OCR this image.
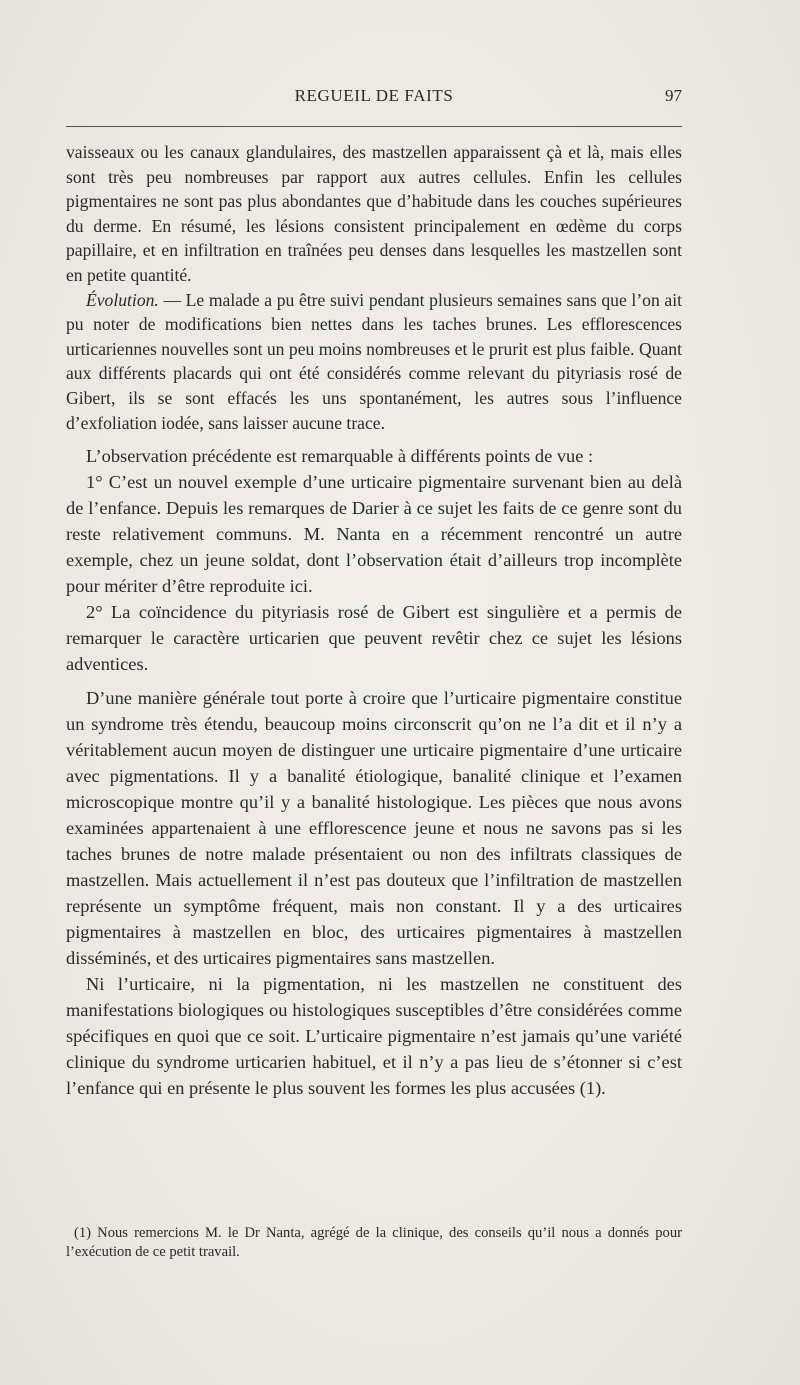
REGUEIL DE FAITS	97

vaisseaux ou les canaux glandulaires, des mastzellen apparaissent çà et là, mais elles sont très peu nombreuses par rapport aux autres cellules. Enfin les cellules pigmentaires ne sont pas plus abondantes que d’habitude dans les couches supérieures du derme. En résumé, les lésions consistent principalement en œdème du corps papillaire, et en infiltration en traînées peu denses dans lesquelles les mastzellen sont en petite quantité.

Évolution. — Le malade a pu être suivi pendant plusieurs semaines sans que l’on ait pu noter de modifications bien nettes dans les taches brunes. Les efflorescences urticariennes nouvelles sont un peu moins nombreuses et le prurit est plus faible. Quant aux différents placards qui ont été considérés comme relevant du pityriasis rosé de Gibert, ils se sont effacés les uns spontanément, les autres sous l’influence d’exfoliation iodée, sans laisser aucune trace.

L’observation précédente est remarquable à différents points de vue :

1° C’est un nouvel exemple d’une urticaire pigmentaire survenant bien au delà de l’enfance. Depuis les remarques de Darier à ce sujet les faits de ce genre sont du reste relativement communs. M. Nanta en a récemment rencontré un autre exemple, chez un jeune soldat, dont l’observation était d’ailleurs trop incomplète pour mériter d’être reproduite ici.

2° La coïncidence du pityriasis rosé de Gibert est singulière et a permis de remarquer le caractère urticarien que peuvent revêtir chez ce sujet les lésions adventices.

D’une manière générale tout porte à croire que l’urticaire pigmentaire constitue un syndrome très étendu, beaucoup moins circonscrit qu’on ne l’a dit et il n’y a véritablement aucun moyen de distinguer une urticaire pigmentaire d’une urticaire avec pigmentations. Il y a banalité étiologique, banalité clinique et l’examen microscopique montre qu’il y a banalité histologique. Les pièces que nous avons examinées appartenaient à une efflorescence jeune et nous ne savons pas si les taches brunes de notre malade présentaient ou non des infiltrats classiques de mastzellen. Mais actuellement il n’est pas douteux que l’infiltration de mastzellen représente un symptôme fréquent, mais non constant. Il y a des urticaires pigmentaires à mastzellen en bloc, des urticaires pigmentaires à mastzellen disséminés, et des urticaires pigmentaires sans mastzellen.

Ni l’urticaire, ni la pigmentation, ni les mastzellen ne constituent des manifestations biologiques ou histologiques susceptibles d’être considérées comme spécifiques en quoi que ce soit. L’urticaire pigmentaire n’est jamais qu’une variété clinique du syndrome urticarien habituel, et il n’y a pas lieu de s’étonner si c’est l’enfance qui en présente le plus souvent les formes les plus accusées (1).

(1) Nous remercions M. le Dr Nanta, agrégé de la clinique, des conseils qu’il nous a donnés pour l’exécution de ce petit travail.
